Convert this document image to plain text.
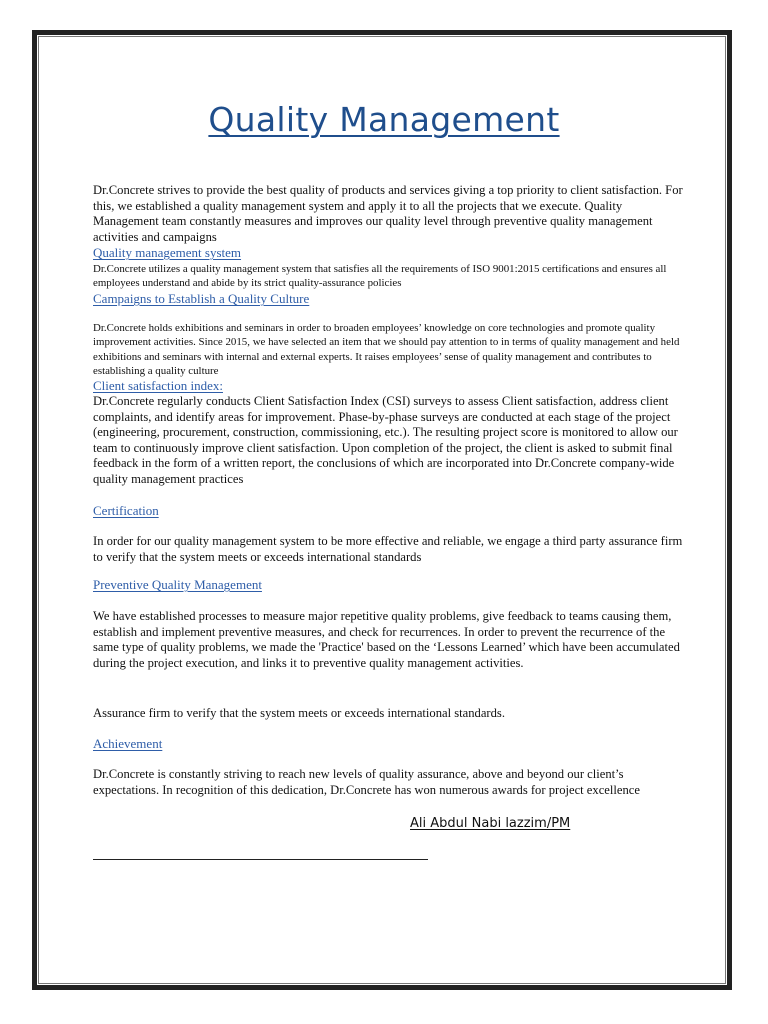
Quality Management

Dr.Concrete strives to provide the best quality of products and services giving a top priority to client satisfaction. For this, we established a quality management system and apply it to all the projects that we execute. Quality Management team constantly measures and improves our quality level through preventive quality management activities and campaigns

Quality management system

Dr.Concrete utilizes a quality management system that satisfies all the requirements of ISO 9001:2015 certifications and ensures all employees understand and abide by its strict quality-assurance policies

Campaigns to Establish a Quality Culture

Dr.Concrete holds exhibitions and seminars in order to broaden employees’ knowledge on core technologies and promote quality improvement activities. Since 2015, we have selected an item that we should pay attention to in terms of quality management and held exhibitions and seminars with internal and external experts. It raises employees’ sense of quality management and contributes to establishing a quality culture

Client satisfaction index:

Dr.Concrete regularly conducts Client Satisfaction Index (CSI) surveys to assess Client satisfaction, address client complaints, and identify areas for improvement. Phase-by-phase surveys are conducted at each stage of the project (engineering, procurement, construction, commissioning, etc.). The resulting project score is monitored to allow our team to continuously improve client satisfaction. Upon completion of the project, the client is asked to submit final feedback in the form of a written report, the conclusions of which are incorporated into Dr.Concrete company-wide quality management practices

Certification

In order for our quality management system to be more effective and reliable, we engage a third party assurance firm to verify that the system meets or exceeds international standards

Preventive Quality Management

We have established processes to measure major repetitive quality problems, give feedback to teams causing them, establish and implement preventive measures, and check for recurrences. In order to prevent the recurrence of the same type of quality problems, we made the 'Practice' based on the ‘Lessons Learned’ which have been accumulated during the project execution, and links it to preventive quality management activities.

Assurance firm to verify that the system meets or exceeds international standards.

Achievement

Dr.Concrete is constantly striving to reach new levels of quality assurance, above and beyond our client’s expectations. In recognition of this dedication, Dr.Concrete has won numerous awards for project excellence

Ali Abdul Nabi lazzim/PM
